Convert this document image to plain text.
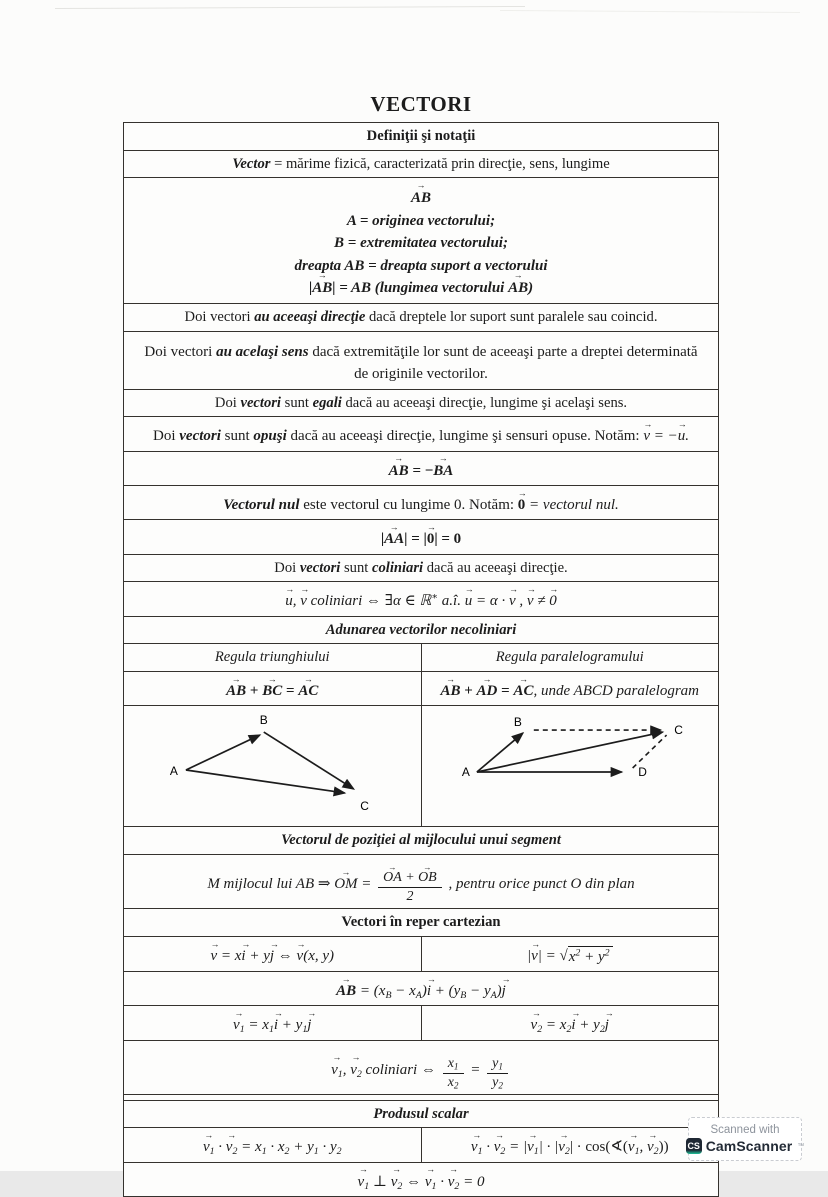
VECTORI
Definiţii şi notaţii
Vector = mărime fizică, caracterizată prin direcţie, sens, lungime
AB →
A = originea vectorului;
B = extremitatea vectorului;
dreapta AB = dreapta suport a vectorului
|AB →| = AB (lungimea vectorului AB →)
Doi vectori au aceeaşi direcţie dacă dreptele lor suport sunt paralele sau coincid.
Doi vectori au acelaşi sens dacă extremităţile lor sunt de aceeaşi parte a dreptei determinată
de originile vectorilor.
Doi vectori sunt egali dacă au aceeaşi direcţie, lungime şi acelaşi sens.
Doi vectori sunt opuşi dacă au aceeaşi direcţie, lungime şi sensuri opuse. Notăm: v → = −u →.
AB → = −BA →
Vectorul nul este vectorul cu lungime 0. Notăm: 0 → = vectorul nul.
|AA →| = |0 →| = 0
Doi vectori sunt coliniari dacă au aceeaşi direcţie.
u →, v → coliniari ⇔ ∃α ∈ ℝ∗ a.î. u → = α · v → , v → ≠ 0 →
Adunarea vectorilor necoliniari
Regula triunghiului	Regula paralelogramului
AB → + BC → = AC →	AB → + AD → = AC →, unde ABCD paralelogram
A
B
C
A
B
C
D
Vectorul de poziţiei al mijlocului unui segment
M mijlocul lui AB ⇒ OM → = $\frac{OA \to + OB \to}{2}$ , pentru orice punct O din plan
Vectori în reper cartezian
v → = xi → + yj → ⇔ v →(x, y)	|v →| = √ $x^2 + y^2$
AB → = $(x_B - x_A)i$ → + $(y_B - y_A)j$ →
$v_1$ → = $x_1i$ → + $y_1j$ →	$v_2$ → = $x_2i$ → + $y_2j$ →
$v_1$ →, $v_2$ → coliniari ⇔ $\frac{x_1}{x_2} = \frac{y_1}{y_2}$
Produsul scalar
$v_1$ → · $v_2$ → = $x_1 \cdot x_2 + y_1 \cdot y_2$	$v_1$ → · $v_2$ → = $|v_1$ →| · $|v_2$ →| · $\cos(∢(v_1$ →, $v_2$ →))
$v_1$ → ⊥ $v_2$ → ⇔ $v_1$ → · $v_2$ → = 0
Scanned with
CS CamScanner ™
